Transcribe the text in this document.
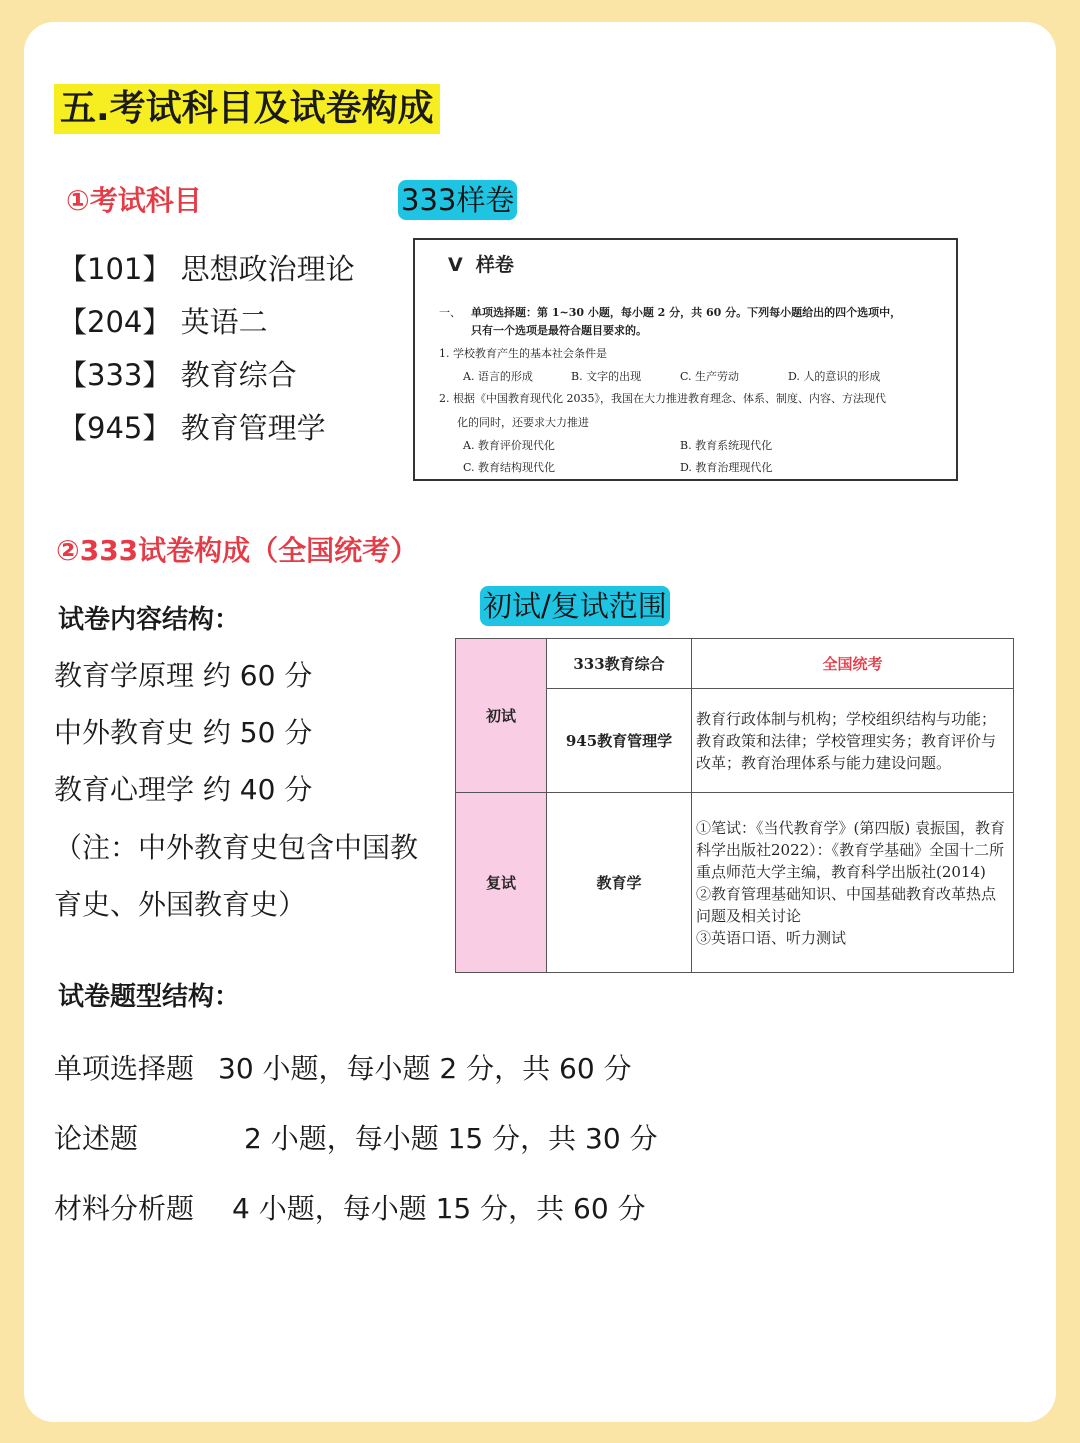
五.考试科目及试卷构成
①考试科目	333样卷
【101】 思想政治理论
【204】 英语二
【333】 教育综合
【945】 教育管理学
V  样卷
一、 单项选择题：第 1~30 小题，每小题 2 分，共 60 分。下列每小题给出的四个选项中，
只有一个选项是最符合题目要求的。
1. 学校教育产生的基本社会条件是
A. 语言的形成	B. 文字的出现	C. 生产劳动	D. 人的意识的形成
2. 根据《中国教育现代化 2035》，我国在大力推进教育理念、体系、制度、内容、方法现代
化的同时，还要求大力推进
A. 教育评价现代化	B. 教育系统现代化
C. 教育结构现代化	D. 教育治理现代化
②333试卷构成（全国统考）
初试/复试范围
试卷内容结构：
教育学原理 约 60 分
中外教育史 约 50 分
教育心理学 约 40 分
（注：中外教育史包含中国教
育史、外国教育史）
初试	333教育综合	全国统考
	945教育管理学	教育行政体制与机构；学校组织结构与功能；教育政策和法律；学校管理实务；教育评价与改革；教育治理体系与能力建设问题。
复试	教育学	①笔试：《当代教育学》(第四版) 袁振国，教育科学出版社2022）：《教育学基础》全国十二所重点师范大学主编，教育科学出版社(2014)
②教育管理基础知识、中国基础教育改革热点问题及相关讨论
③英语口语、听力测试
试卷题型结构：
单项选择题 30 小题，每小题 2 分，共 60 分
论述题	2 小题，每小题 15 分，共 30 分
材料分析题 4 小题，每小题 15 分，共 60 分
